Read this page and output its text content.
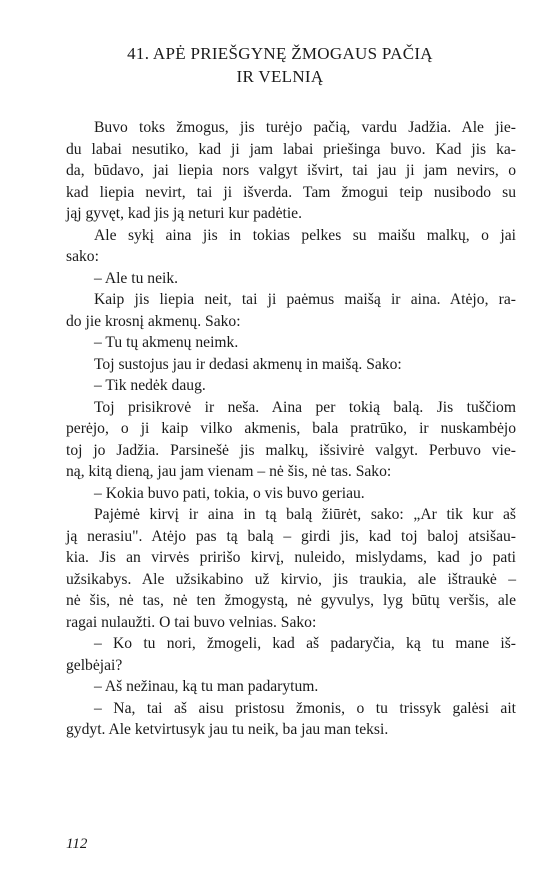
41. APĖ PRIEŠGYNĘ ŽMOGAUS PAČIĄ
IR VELNIĄ
Buvo toks žmogus, jis turėjo pačią, vardu Jadžia. Ale jie-
du labai nesutiko, kad ji jam labai priešinga buvo. Kad jis ka-
da, būdavo, jai liepia nors valgyt išvirt, tai jau ji jam nevirs, o
kad liepia nevirt, tai ji išverda. Tam žmogui teip nusibodo su
jąj gyvęt, kad jis ją neturi kur padėtie.
Ale sykį aina jis in tokias pelkes su maišu malkų, o jai
sako:
– Ale tu neik.
Kaip jis liepia neit, tai ji paėmus maišą ir aina. Atėjo, ra-
do jie krosnį akmenų. Sako:
– Tu tų akmenų neimk.
Toj sustojus jau ir dedasi akmenų in maišą. Sako:
– Tik nedėk daug.
Toj prisikrovė ir neša. Aina per tokią balą. Jis tuščiom
perėjo, o ji kaip vilko akmenis, bala pratrūko, ir nuskambėjo
toj jo Jadžia. Parsinešė jis malkų, išsivirė valgyt. Perbuvo vie-
ną, kitą dieną, jau jam vienam – nė šis, nė tas. Sako:
– Kokia buvo pati, tokia, o vis buvo geriau.
Pajėmė kirvį ir aina in tą balą žiūrėt, sako: „Ar tik kur aš
ją nerasiu". Atėjo pas tą balą – girdi jis, kad toj baloj atsišau-
kia. Jis an virvės pririšo kirvį, nuleido, mislydams, kad jo pati
užsikabys. Ale užsikabino už kirvio, jis traukia, ale ištraukė –
nė šis, nė tas, nė ten žmogystą, nė gyvulys, lyg būtų veršis, ale
ragai nulaužti. O tai buvo velnias. Sako:
– Ko tu nori, žmogeli, kad aš padaryčia, ką tu mane iš-
gelbėjai?
– Aš nežinau, ką tu man padarytum.
– Na, tai aš aisu pristosu žmonis, o tu trissyk galėsi ait
gydyt. Ale ketvirtusyk jau tu neik, ba jau man teksi.
112
